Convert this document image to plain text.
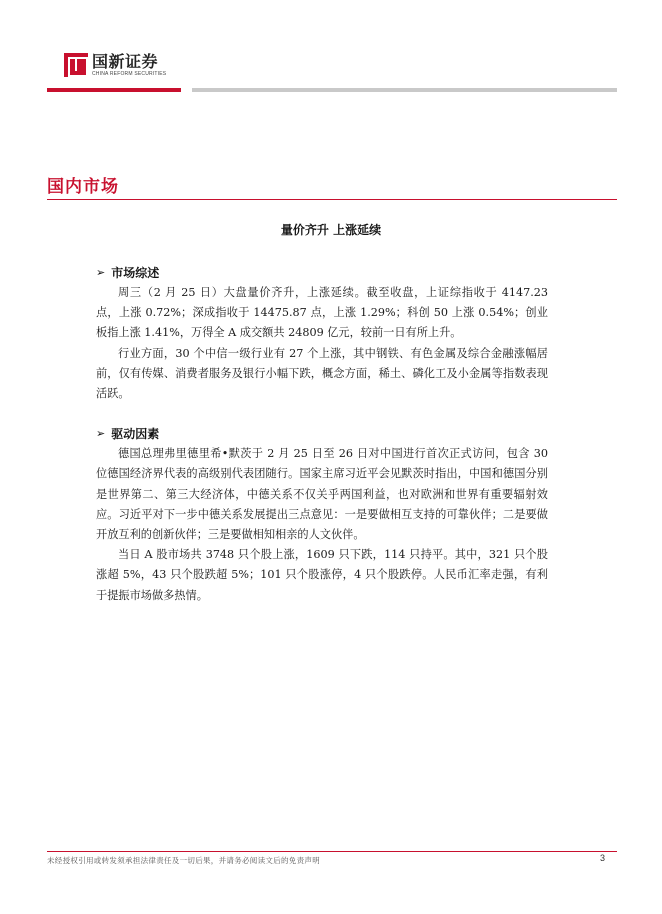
国新证券
CHINA REFORM SECURITIES
国内市场
量价齐升 上涨延续
➢ 市场综述

周三（2 月 25 日）大盘量价齐升，上涨延续。截至收盘，上证综指收于 4147.23 点，上涨 0.72%；深成指收于 14475.87 点，上涨 1.29%；科创 50 上涨 0.54%；创业板指上涨 1.41%，万得全 A 成交额共 24809 亿元，较前一日有所上升。

行业方面，30 个中信一级行业有 27 个上涨，其中钢铁、有色金属及综合金融涨幅居前，仅有传媒、消费者服务及银行小幅下跌，概念方面，稀土、磷化工及小金属等指数表现活跃。

➢ 驱动因素

德国总理弗里德里希•默茨于 2 月 25 日至 26 日对中国进行首次正式访问，包含 30 位德国经济界代表的高级别代表团随行。国家主席习近平会见默茨时指出，中国和德国分别是世界第二、第三大经济体，中德关系不仅关乎两国利益，也对欧洲和世界有重要辐射效应。习近平对下一步中德关系发展提出三点意见：一是要做相互支持的可靠伙伴；二是要做开放互利的创新伙伴；三是要做相知相亲的人文伙伴。

当日 A 股市场共 3748 只个股上涨，1609 只下跌，114 只持平。其中，321 只个股涨超 5%，43 只个股跌超 5%；101 只个股涨停，4 只个股跌停。人民币汇率走强，有利于提振市场做多热情。

未经授权引用或转发须承担法律责任及一切后果，并请务必阅读文后的免责声明	3
